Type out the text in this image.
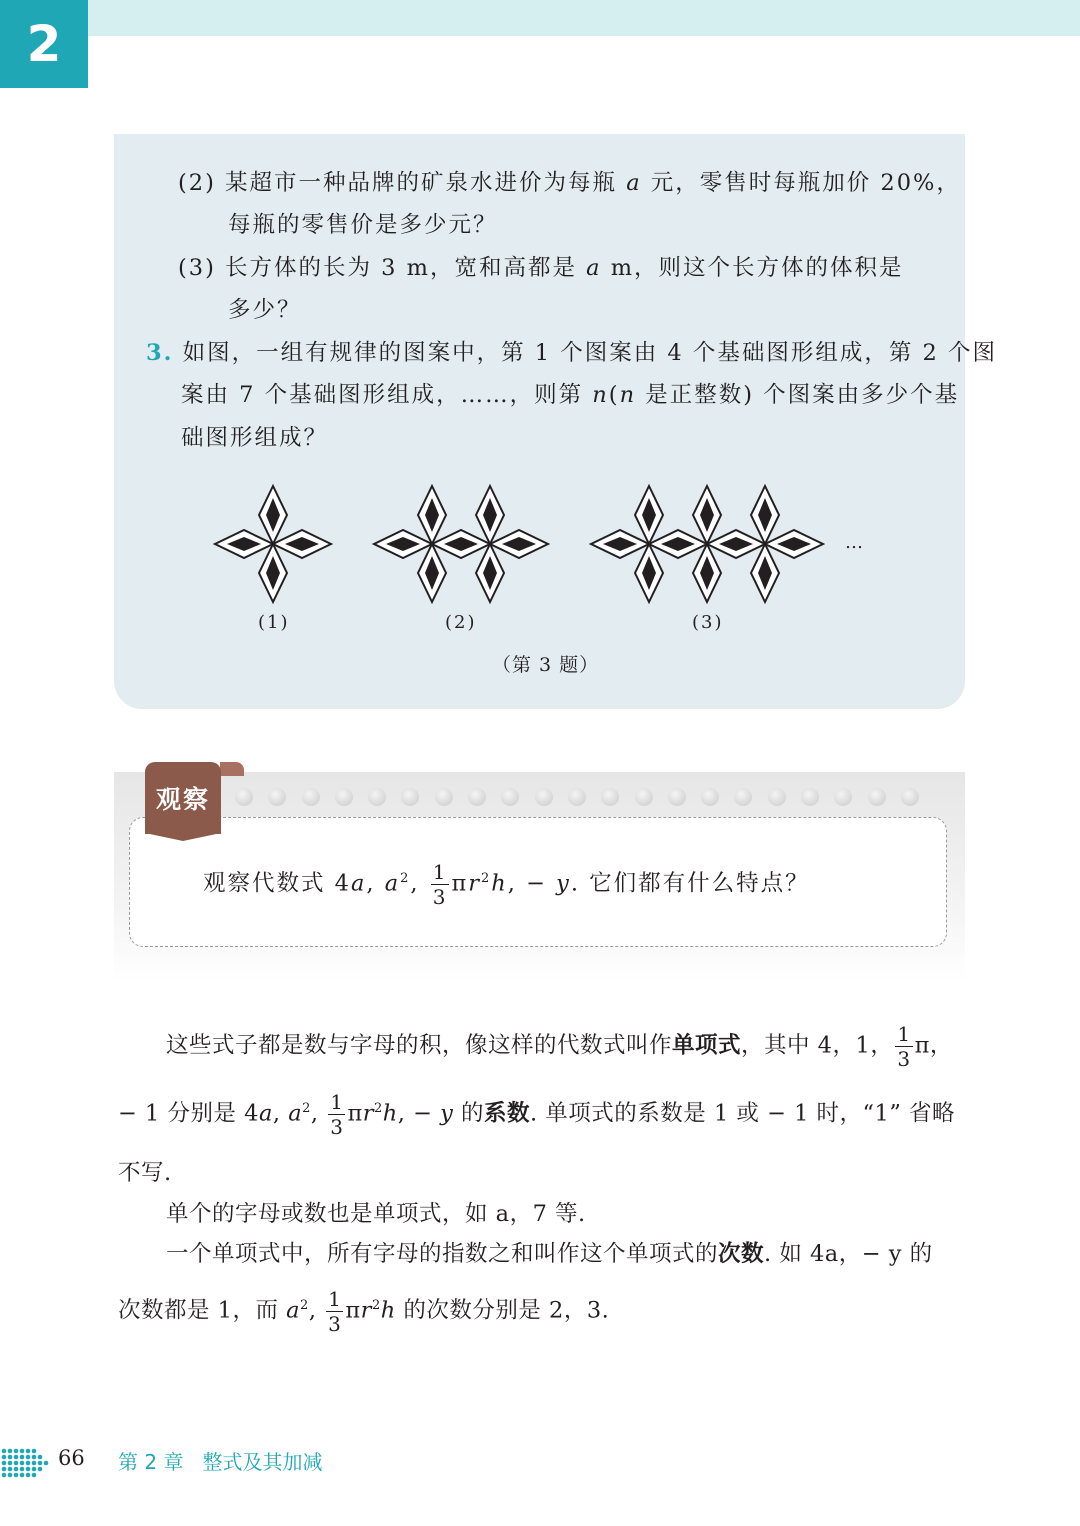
2
(2) 某超市一种品牌的矿泉水进价为每瓶 a 元，零售时每瓶加价 20%，
每瓶的零售价是多少元？
(3) 长方体的长为 3 m，宽和高都是 a m，则这个长方体的体积是
多少？
3. 如图，一组有规律的图案中，第 1 个图案由 4 个基础图形组成，第 2 个图
案由 7 个基础图形组成，……，则第 n(n 是正整数) 个图案由多少个基
础图形组成？
…
(1)	(2)	(3)
（第 3 题）
观察
观察代数式 4a, $a^2$, $\frac{1}{3} \pi r^2h$, − y. 它们都有什么特点？
这些式子都是数与字母的积，像这样的代数式叫作单项式，其中 4，1， $\frac{1}{3}$ π，
− 1 分别是 4a, $a^2$, $\frac{1}{3} \pi r^2h$, − y 的系数. 单项式的系数是 1 或 − 1 时，“1” 省略
不写.
单个的字母或数也是单项式，如 a，7 等.
一个单项式中，所有字母的指数之和叫作这个单项式的次数. 如 4a，− y 的
次数都是 1，而 $a^2$, $\frac{1}{3} \pi r^2h$ 的次数分别是 2，3.
66 第 2 章 整式及其加减
